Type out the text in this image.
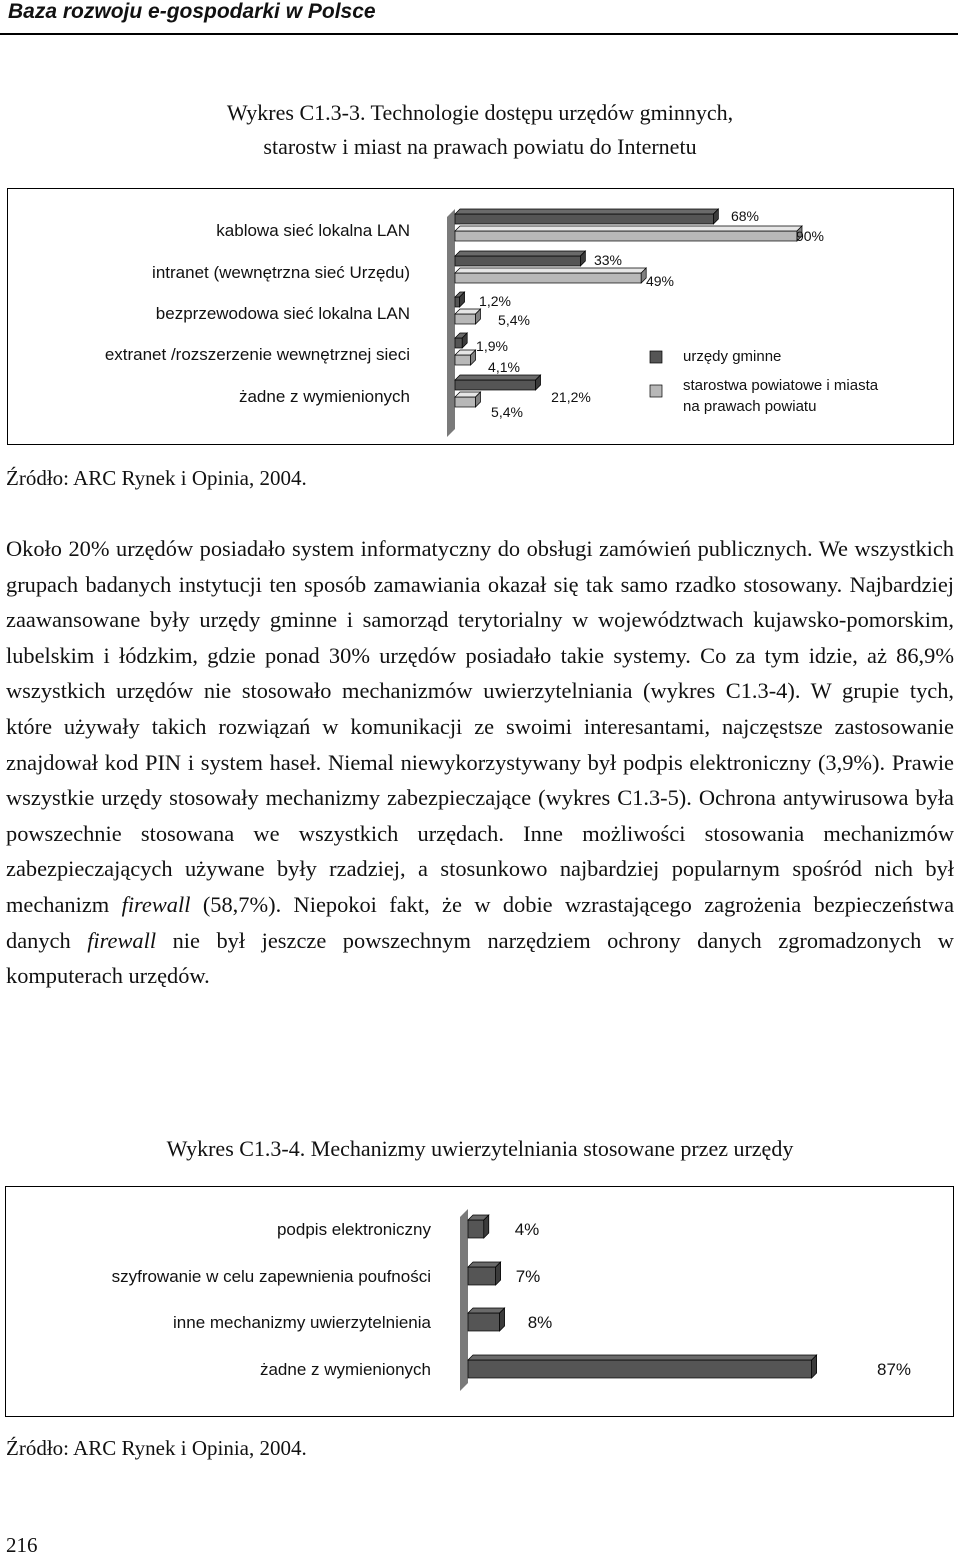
Baza rozwoju e-gospodarki w Polsce
Wykres C1.3-3. Technologie dostępu urzędów gminnych,
starostw i miast na prawach powiatu do Internetu
kablowa sieć lokalna LAN
intranet (wewnętrzna sieć Urzędu)
bezprzewodowa sieć lokalna LAN
extranet /rozszerzenie wewnętrznej sieci
żadne z wymienionych
68%
33%
1,2%
1,9%
21,2%
90%
49%
5,4%
4,1%
5,4%
urzędy gminne
starostwa powiatowe i miasta
na prawach powiatu
Źródło: ARC Rynek i Opinia, 2004.

Około 20% urzędów posiadało system informatyczny do obsługi zamówień publicznych. We wszystkich grupach badanych instytucji ten sposób zamawiania okazał się tak samo rzadko stosowany. Najbardziej zaawansowane były urzędy gminne i samorząd terytorialny w województwach kujawsko-pomorskim, lubelskim i łódzkim, gdzie ponad 30% urzędów posiadało takie systemy. Co za tym idzie, aż 86,9% wszystkich urzędów nie stosowało mechanizmów uwierzytelniania (wykres C1.3-4). W grupie tych, które używały takich rozwiązań w komunikacji ze swoimi interesantami, najczęstsze zastosowanie znajdował kod PIN i system haseł. Niemal niewykorzystywany był podpis elektroniczny (3,9%). Prawie wszystkie urzędy stosowały mechanizmy zabezpieczające (wykres C1.3-5). Ochrona antywirusowa była powszechnie stosowana we wszystkich urzędach. Inne możliwości stosowania mechanizmów zabezpieczających używane były rzadziej, a stosunkowo najbardziej popularnym spośród nich był mechanizm firewall (58,7%). Niepokoi fakt, że w dobie wzrastającego zagrożenia bezpieczeństwa danych firewall nie był jeszcze powszechnym narzędziem ochrony danych zgromadzonych w komputerach urzędów.

Wykres C1.3-4. Mechanizmy uwierzytelniania stosowane przez urzędy
podpis elektroniczny	4%
szyfrowanie w celu zapewnienia poufności	7%
inne mechanizmy uwierzytelnienia	8%
żadne z wymienionych	87%
Źródło: ARC Rynek i Opinia, 2004.
216
